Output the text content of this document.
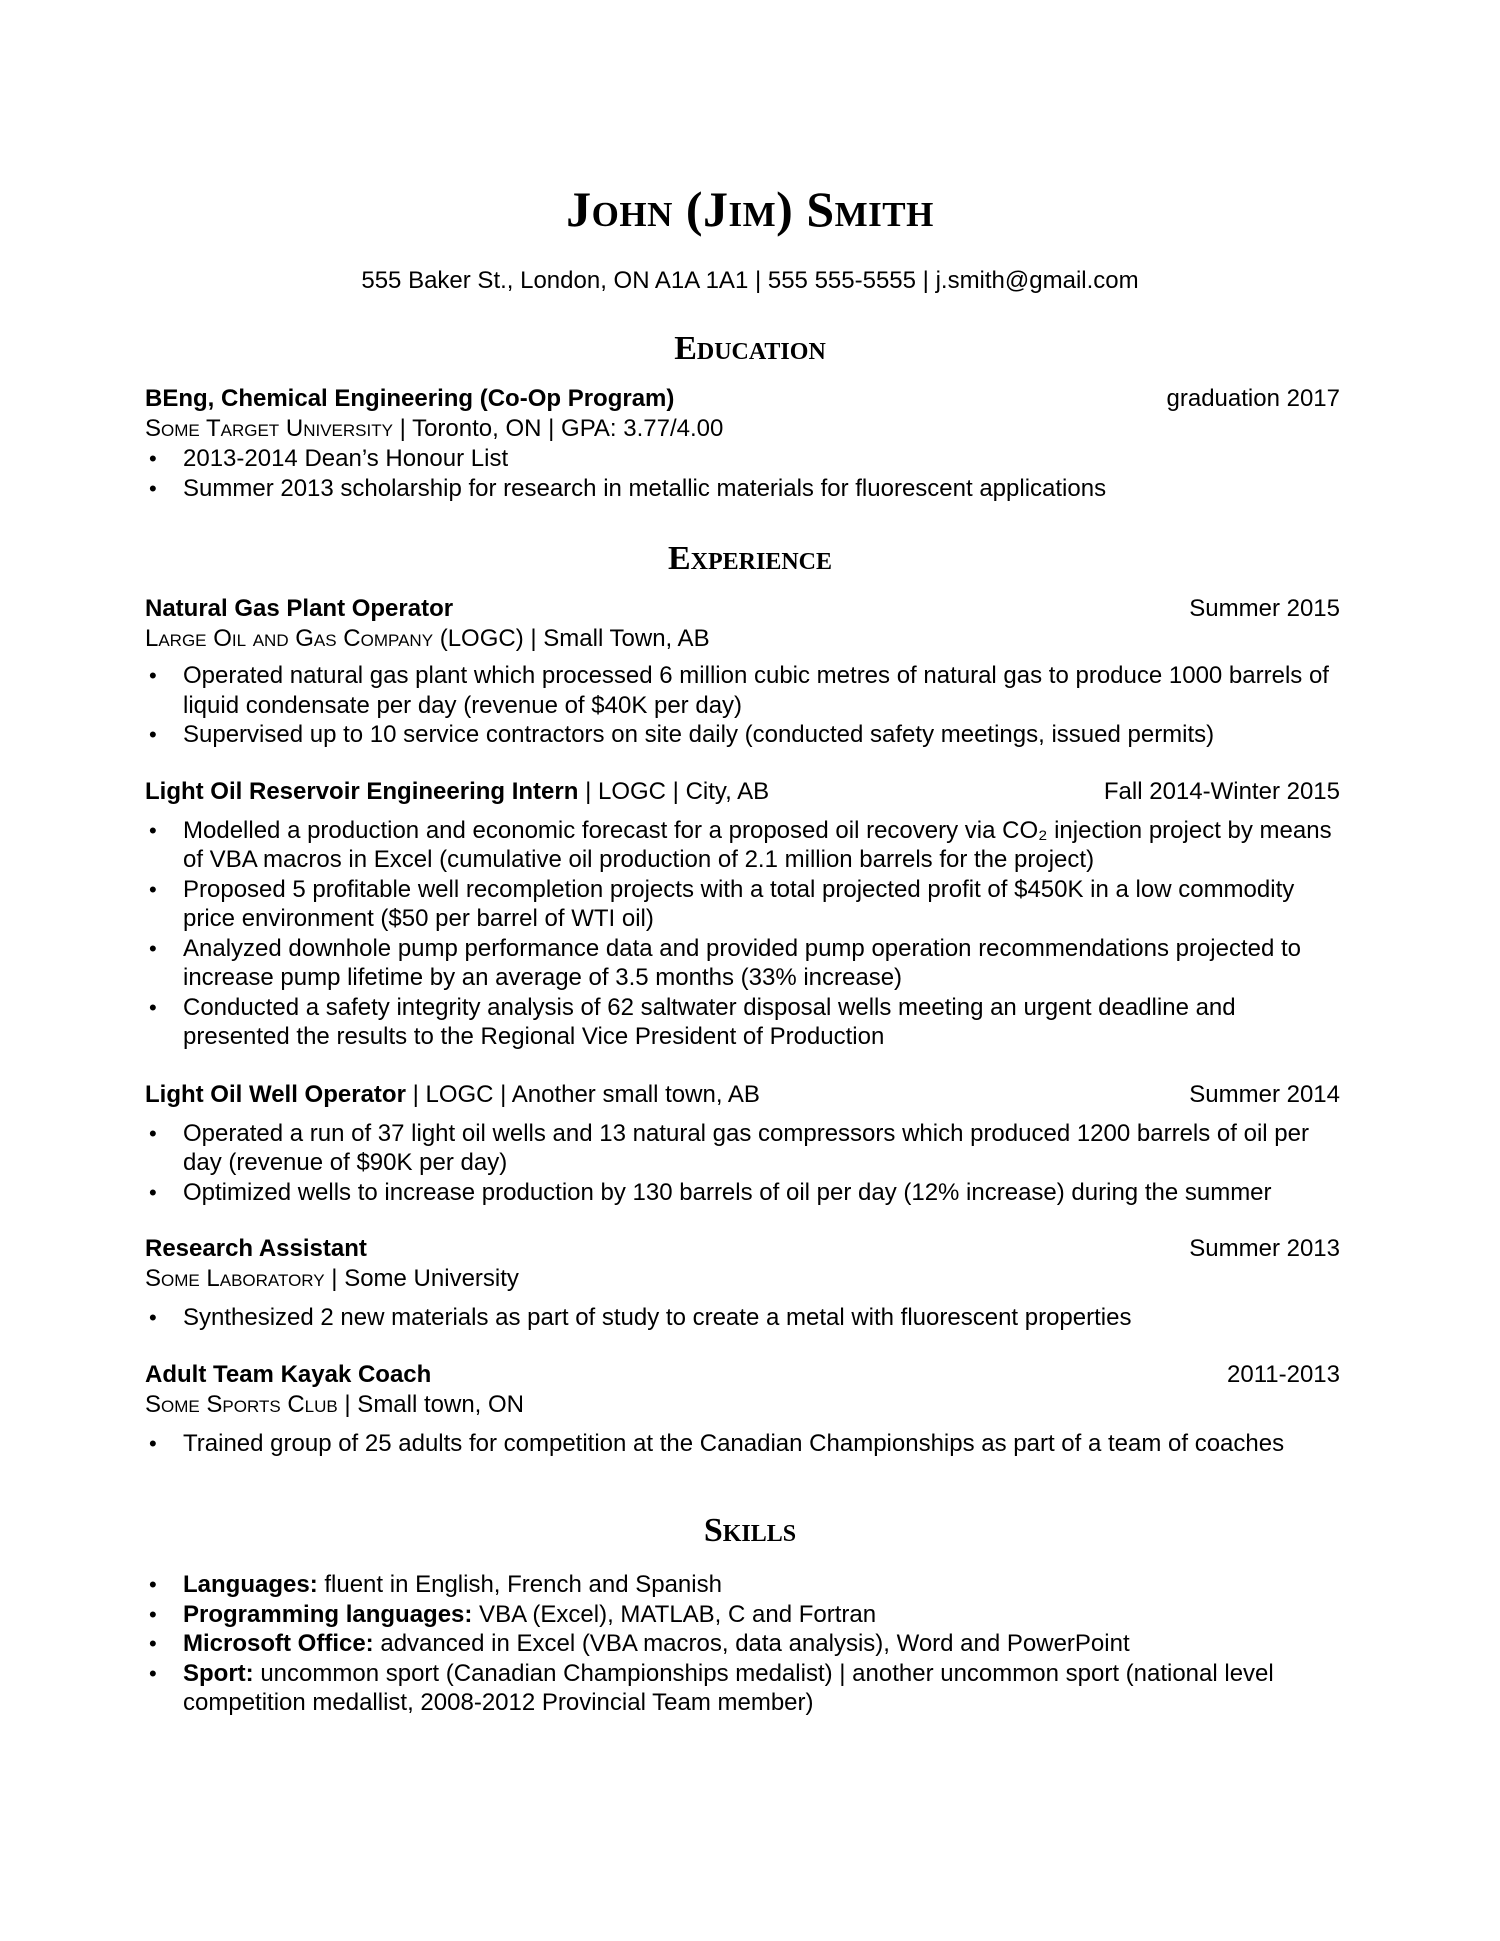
John (Jim) Smith
555 Baker St., London, ON A1A 1A1 | 555 555-5555 | j.smith@gmail.com
Education
BEng, Chemical Engineering (Co-Op Program)	graduation 2017
Some Target University | Toronto, ON | GPA: 3.77/4.00
• 2013-2014 Dean’s Honour List
• Summer 2013 scholarship for research in metallic materials for fluorescent applications
Experience
Natural Gas Plant Operator	Summer 2015
Large Oil and Gas Company (LOGC) | Small Town, AB
• Operated natural gas plant which processed 6 million cubic metres of natural gas to produce 1000 barrels of liquid condensate per day (revenue of $40K per day)
• Supervised up to 10 service contractors on site daily (conducted safety meetings, issued permits)
Light Oil Reservoir Engineering Intern | LOGC | City, AB	Fall 2014-Winter 2015
• Modelled a production and economic forecast for a proposed oil recovery via CO₂ injection project by means of VBA macros in Excel (cumulative oil production of 2.1 million barrels for the project)
• Proposed 5 profitable well recompletion projects with a total projected profit of $450K in a low commodity price environment ($50 per barrel of WTI oil)
• Analyzed downhole pump performance data and provided pump operation recommendations projected to increase pump lifetime by an average of 3.5 months (33% increase)
• Conducted a safety integrity analysis of 62 saltwater disposal wells meeting an urgent deadline and presented the results to the Regional Vice President of Production
Light Oil Well Operator | LOGC | Another small town, AB	Summer 2014
• Operated a run of 37 light oil wells and 13 natural gas compressors which produced 1200 barrels of oil per day (revenue of $90K per day)
• Optimized wells to increase production by 130 barrels of oil per day (12% increase) during the summer
Research Assistant	Summer 2013
Some Laboratory | Some University
• Synthesized 2 new materials as part of study to create a metal with fluorescent properties
Adult Team Kayak Coach	2011-2013
Some Sports Club | Small town, ON
• Trained group of 25 adults for competition at the Canadian Championships as part of a team of coaches
Skills
• Languages: fluent in English, French and Spanish
• Programming languages: VBA (Excel), MATLAB, C and Fortran
• Microsoft Office: advanced in Excel (VBA macros, data analysis), Word and PowerPoint
• Sport: uncommon sport (Canadian Championships medalist) | another uncommon sport (national level competition medallist, 2008-2012 Provincial Team member)
